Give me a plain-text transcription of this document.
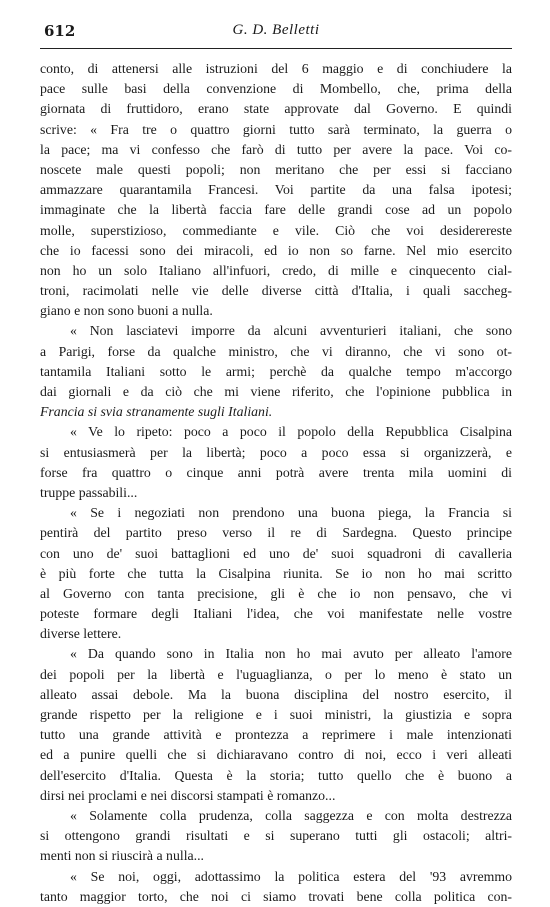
612	G. D. Belletti
conto, di attenersi alle istruzioni del 6 maggio e di conchiudere la
pace sulle basi della convenzione di Mombello, che, prima della
giornata di fruttidoro, erano state approvate dal Governo. E quindi
scrive: « Fra tre o quattro giorni tutto sarà terminato, la guerra o
la pace; ma vi confesso che farò di tutto per avere la pace. Voi co-
noscete male questi popoli; non meritano che per essi si facciano
ammazzare quarantamila Francesi. Voi partite da una falsa ipotesi;
immaginate che la libertà faccia fare delle grandi cose ad un popolo
molle, superstizioso, commediante e vile. Ciò che voi desiderereste
che io facessi sono dei miracoli, ed io non so farne. Nel mio esercito
non ho un solo Italiano all'infuori, credo, di mille e cinquecento cial-
troni, racimolati nelle vie delle diverse città d'Italia, i quali saccheg-
giano e non sono buoni a nulla.
« Non lasciatevi imporre da alcuni avventurieri italiani, che sono
a Parigi, forse da qualche ministro, che vi diranno, che vi sono ot-
tantamila Italiani sotto le armi; perchè da qualche tempo m'accorgo
dai giornali e da ciò che mi viene riferito, che l'opinione pubblica in
Francia si svia stranamente sugli Italiani.
« Ve lo ripeto: poco a poco il popolo della Repubblica Cisalpina
si entusiasmerà per la libertà; poco a poco essa si organizzerà, e
forse fra quattro o cinque anni potrà avere trenta mila uomini di
truppe passabili...
« Se i negoziati non prendono una buona piega, la Francia si
pentirà del partito preso verso il re di Sardegna. Questo principe
con uno de' suoi battaglioni ed uno de' suoi squadroni di cavalleria
è più forte che tutta la Cisalpina riunita. Se io non ho mai scritto
al Governo con tanta precisione, gli è che io non pensavo, che vi
poteste formare degli Italiani l'idea, che voi manifestate nelle vostre
diverse lettere.
« Da quando sono in Italia non ho mai avuto per alleato l'amore
dei popoli per la libertà e l'uguaglianza, o per lo meno è stato un
alleato assai debole. Ma la buona disciplina del nostro esercito, il
grande rispetto per la religione e i suoi ministri, la giustizia e sopra
tutto una grande attività e prontezza a reprimere i male intenzionati
ed a punire quelli che si dichiaravano contro di noi, ecco i veri alleati
dell'esercito d'Italia. Questa è la storia; tutto quello che è buono a
dirsi nei proclami e nei discorsi stampati è romanzo...
« Solamente colla prudenza, colla saggezza e con molta destrezza
si ottengono grandi risultati e si superano tutti gli ostacoli; altri-
menti non si riuscirà a nulla...
« Se noi, oggi, adottassimo la politica estera del '93 avremmo
tanto maggior torto, che noi ci siamo trovati bene colla politica con-
